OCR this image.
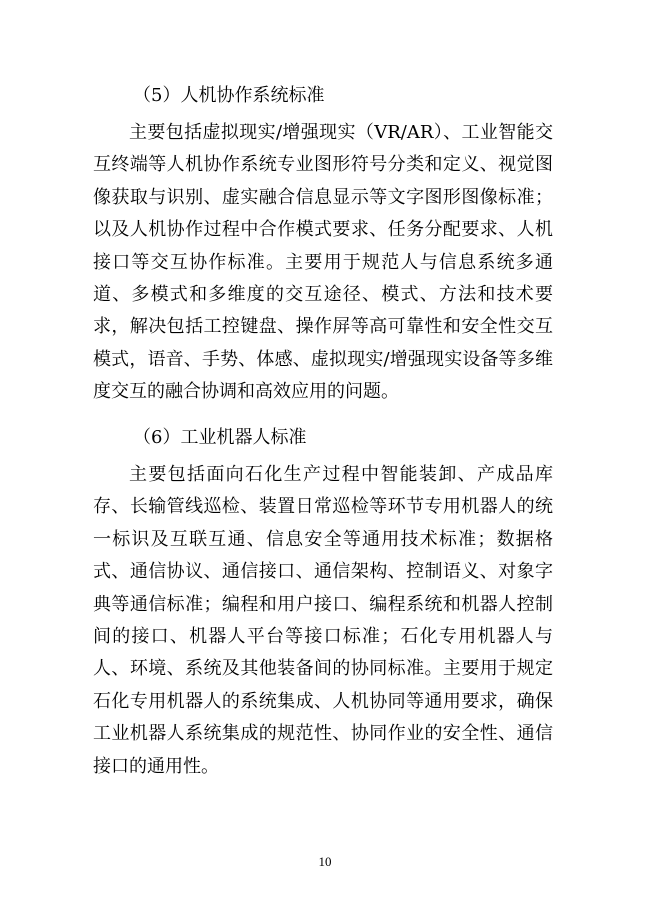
（5）人机协作系统标准

主要包括虚拟现实/增强现实（VR/AR）、工业智能交互终端等人机协作系统专业图形符号分类和定义、视觉图像获取与识别、虚实融合信息显示等文字图形图像标准；以及人机协作过程中合作模式要求、任务分配要求、人机接口等交互协作标准。主要用于规范人与信息系统多通道、多模式和多维度的交互途径、模式、方法和技术要求，解决包括工控键盘、操作屏等高可靠性和安全性交互模式，语音、手势、体感、虚拟现实/增强现实设备等多维度交互的融合协调和高效应用的问题。

（6）工业机器人标准

主要包括面向石化生产过程中智能装卸、产成品库存、长输管线巡检、装置日常巡检等环节专用机器人的统一标识及互联互通、信息安全等通用技术标准；数据格式、通信协议、通信接口、通信架构、控制语义、对象字典等通信标准；编程和用户接口、编程系统和机器人控制间的接口、机器人平台等接口标准；石化专用机器人与人、环境、系统及其他装备间的协同标准。主要用于规定石化专用机器人的系统集成、人机协同等通用要求，确保工业机器人系统集成的规范性、协同作业的安全性、通信接口的通用性。

10
